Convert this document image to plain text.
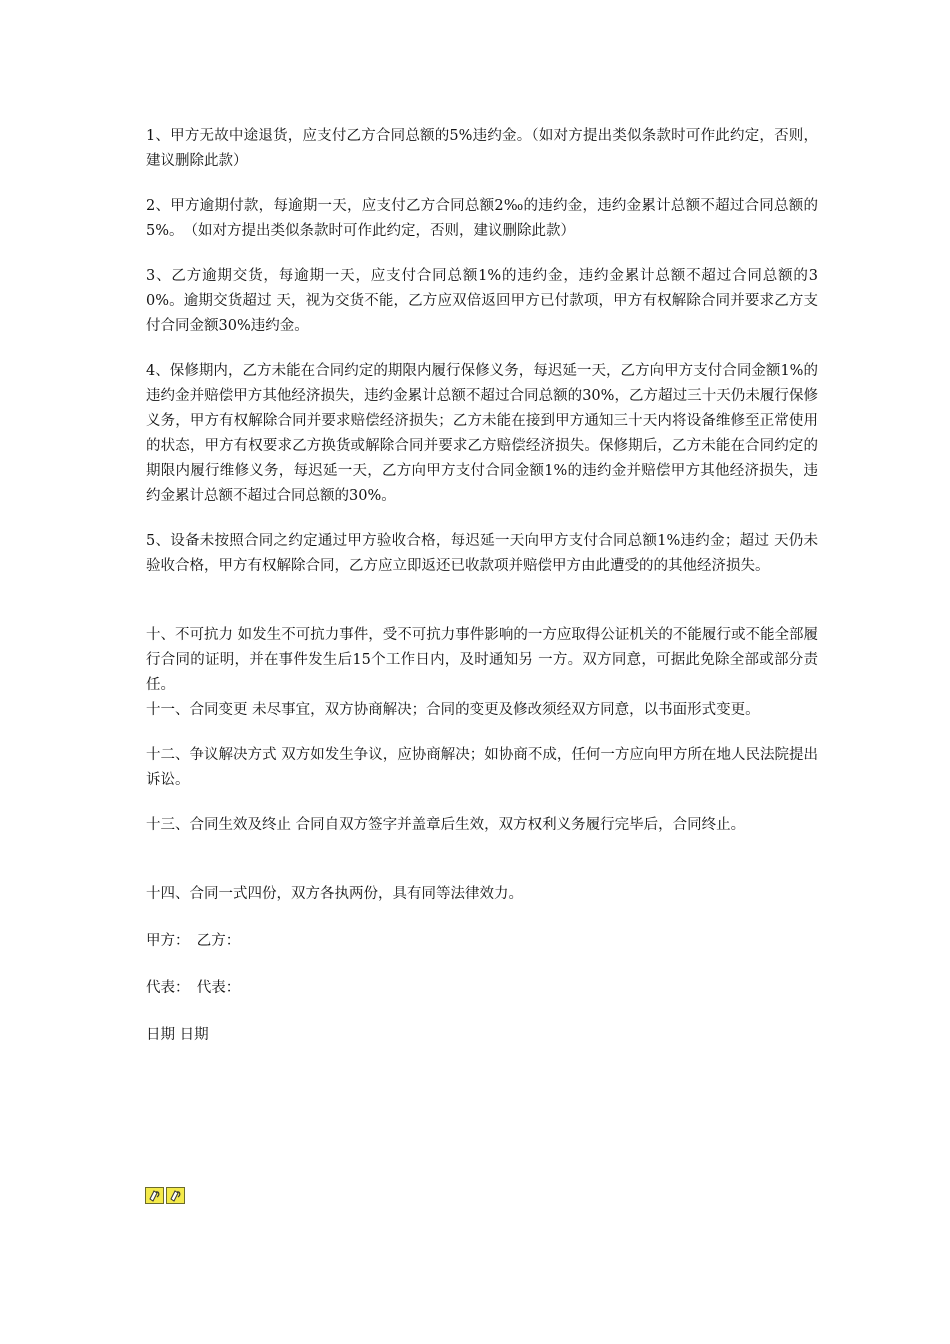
1、甲方无故中途退货，应支付乙方合同总额的5%违约金。（如对方提出类似条款时可作此约定，否则，建议删除此款）

2、甲方逾期付款，每逾期一天，应支付乙方合同总额2‰的违约金，违约金累计总额不超过合同总额的5%。　（如对方提出类似条款时可作此约定，否则，建议删除此款）

3、乙方逾期交货，每逾期一天，应支付合同总额1%的违约金，违约金累计总额不超过合同总额的30%。逾期交货超过 天，视为交货不能，乙方应双倍返回甲方已付款项，甲方有权解除合同并要求乙方支付合同金额30%违约金。

4、保修期内，乙方未能在合同约定的期限内履行保修义务，每迟延一天，乙方向甲方支付合同金额1%的违约金并赔偿甲方其他经济损失，违约金累计总额不超过合同总额的30%，乙方超过三十天仍未履行保修义务，甲方有权解除合同并要求赔偿经济损失；乙方未能在接到甲方通知三十天内将设备维修至正常使用的状态，甲方有权要求乙方换货或解除合同并要求乙方赔偿经济损失。保修期后，乙方未能在合同约定的期限内履行维修义务，每迟延一天，乙方向甲方支付合同金额1%的违约金并赔偿甲方其他经济损失，违约金累计总额不超过合同总额的30%。

5、设备未按照合同之约定通过甲方验收合格，每迟延一天向甲方支付合同总额1%违约金；超过 天仍未验收合格，甲方有权解除合同，乙方应立即返还已收款项并赔偿甲方由此遭受的的其他经济损失。

十、不可抗力 如发生不可抗力事件，受不可抗力事件影响的一方应取得公证机关的不能履行或不能全部履行合同的证明，并在事件发生后15个工作日内，及时通知另 一方。双方同意，可据此免除全部或部分责任。

十一、合同变更 未尽事宜，双方协商解决；合同的变更及修改须经双方同意，以书面形式变更。

十二、争议解决方式 双方如发生争议，应协商解决；如协商不成，任何一方应向甲方所在地人民法院提出诉讼。

十三、合同生效及终止 合同自双方签字并盖章后生效，双方权利义务履行完毕后，合同终止。

十四、合同一式四份，双方各执两份，具有同等法律效力。

甲方：　乙方：

代表：　代表：

日期 日期
